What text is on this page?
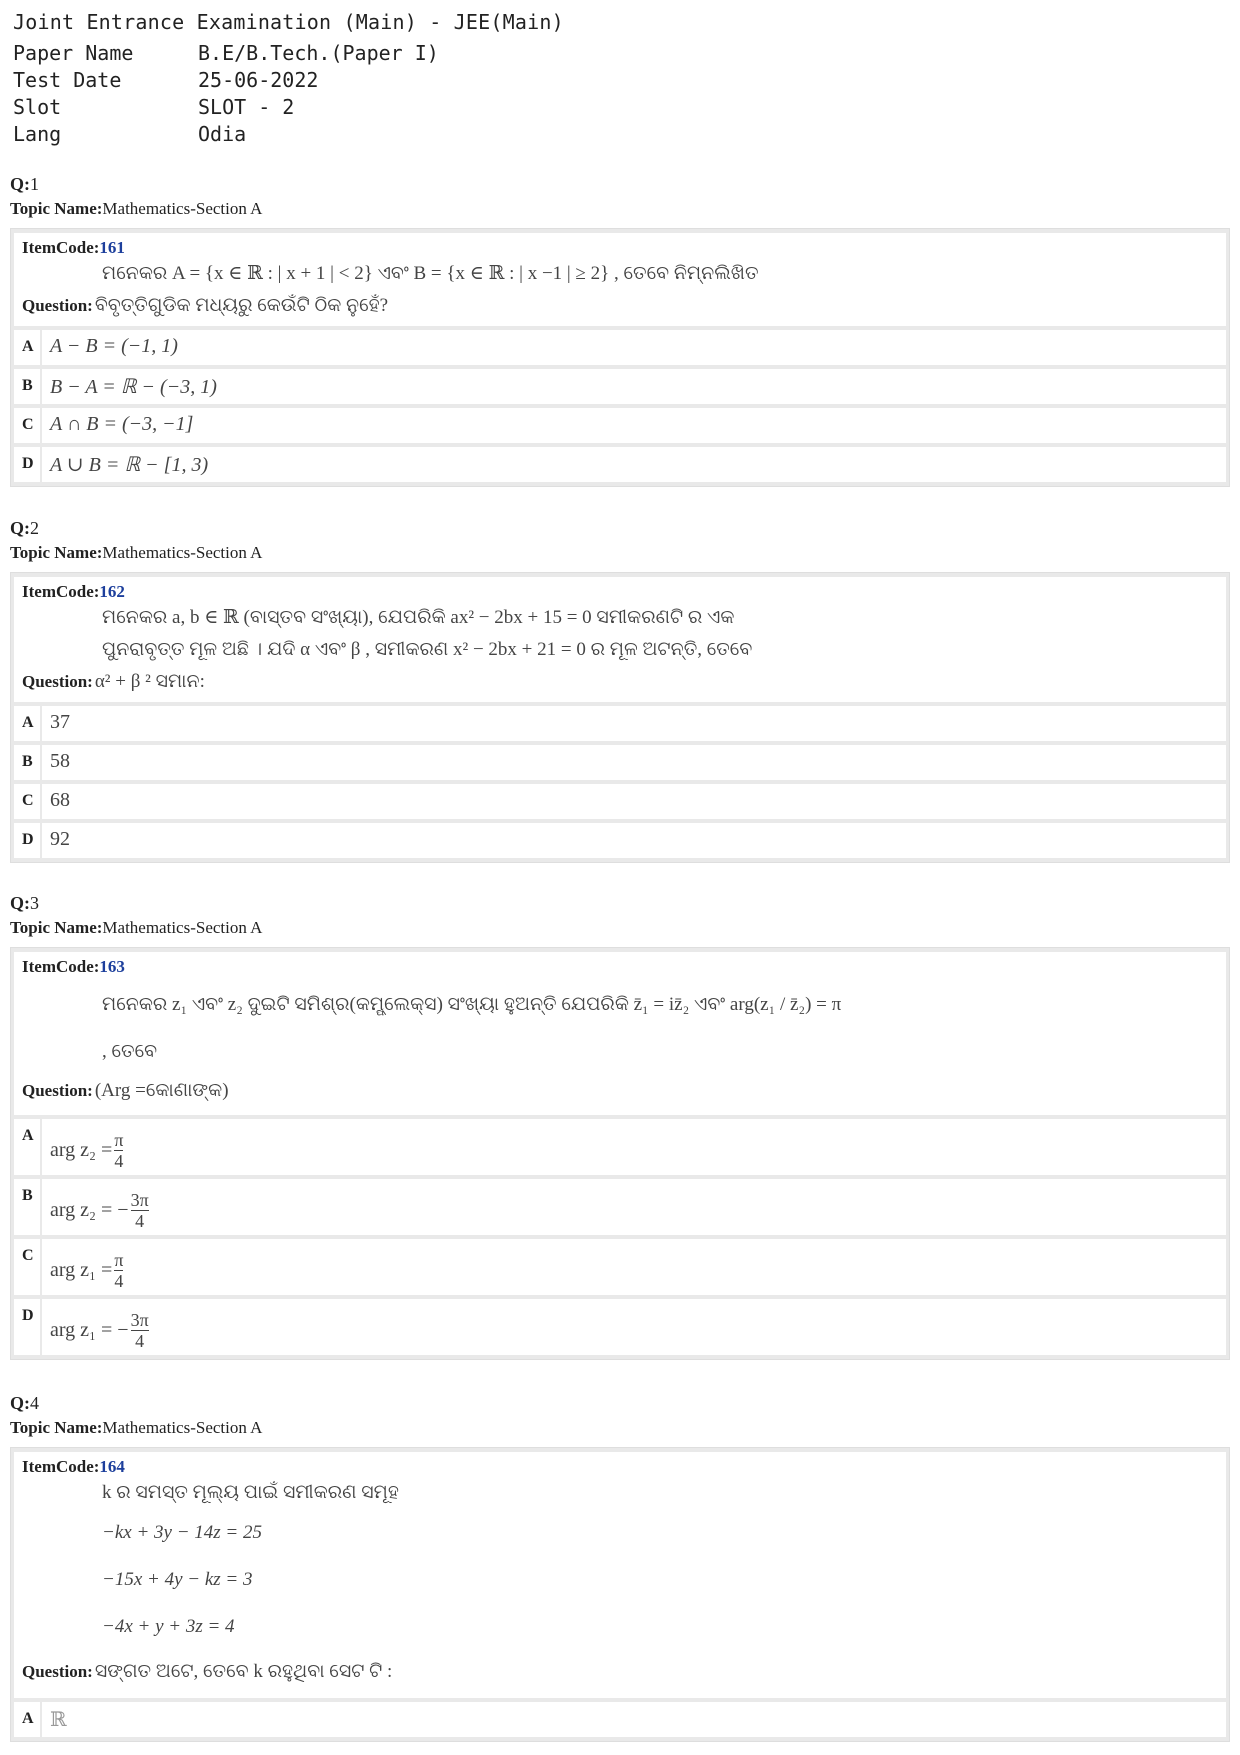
Joint Entrance Examination (Main) - JEE(Main)
Paper Name	B.E/B.Tech.(Paper I)
Test Date	25-06-2022
Slot	SLOT - 2
Lang	Odia
Q:1
Topic Name:Mathematics-Section A
ItemCode:161
ମନେକର A = {x ∈ ℝ : | x + 1 | < 2} ଏବଂ B = {x ∈ ℝ : | x −1 | ≥ 2} , ତେବେ ନିମ୍ନଲିଖିତ
Question: ବିବୃତ୍ତିଗୁଡିକ ମଧ୍ୟରୁ କେଉଁଟି ଠିକ ନୁହେଁ?
A A − B = (−1, 1)
B B − A = ℝ − (−3, 1)
C A ∩ B = (−3, −1]
D A ∪ B = ℝ − [1, 3)
Q:2
Topic Name:Mathematics-Section A
ItemCode:162
ମନେକର a, b ∈ ℝ (ବାସ୍ତବ ସଂଖ୍ୟା), ଯେପରିକି ax² − 2bx + 15 = 0 ସମୀକରଣଟି ର ଏକ
ପୁନରାବୃତ୍ତ ମୂଳ ଅଛି । ଯଦି α ଏବଂ β , ସମୀକରଣ x² − 2bx + 21 = 0 ର ମୂଳ ଅଟନ୍ତି, ତେବେ
Question: α² + β ² ସମାନ:
A 37
B 58
C 68
D 92
Q:3
Topic Name:Mathematics-Section A
ItemCode:163
ମନେକର z₁ ଏବଂ z₂ ଦୁଇଟି ସମିଶ୍ର(କମ୍ପ୍ଲେକ୍ସ) ସଂଖ୍ୟା ହୁଅନ୍ତି ଯେପରିକି z̄₁ = iz̄₂ ଏବଂ arg(z₁ / z̄₂) = π
, ତେବେ
Question: (Arg =କୋଣାଙ୍କ)
A
arg $z_2 = \frac{\pi}{4}$
B
arg z₂ = − $\frac{3\pi}{4}$
C
arg $z_1 = \frac{\pi}{4}$
D
arg z₁ = − $\frac{3\pi}{4}$
Q:4
Topic Name:Mathematics-Section A
ItemCode:164
k ର ସମସ୍ତ ମୂଲ୍ୟ ପାଇଁ ସମୀକରଣ ସମୂହ
−kx + 3y − 14z = 25
−15x + 4y − kz = 3
−4x + y + 3z = 4
Question: ସଙ୍ଗତ ଅଟେ, ତେବେ k ରହୁଥିବା ସେଟ ଟି :
A ℝ
